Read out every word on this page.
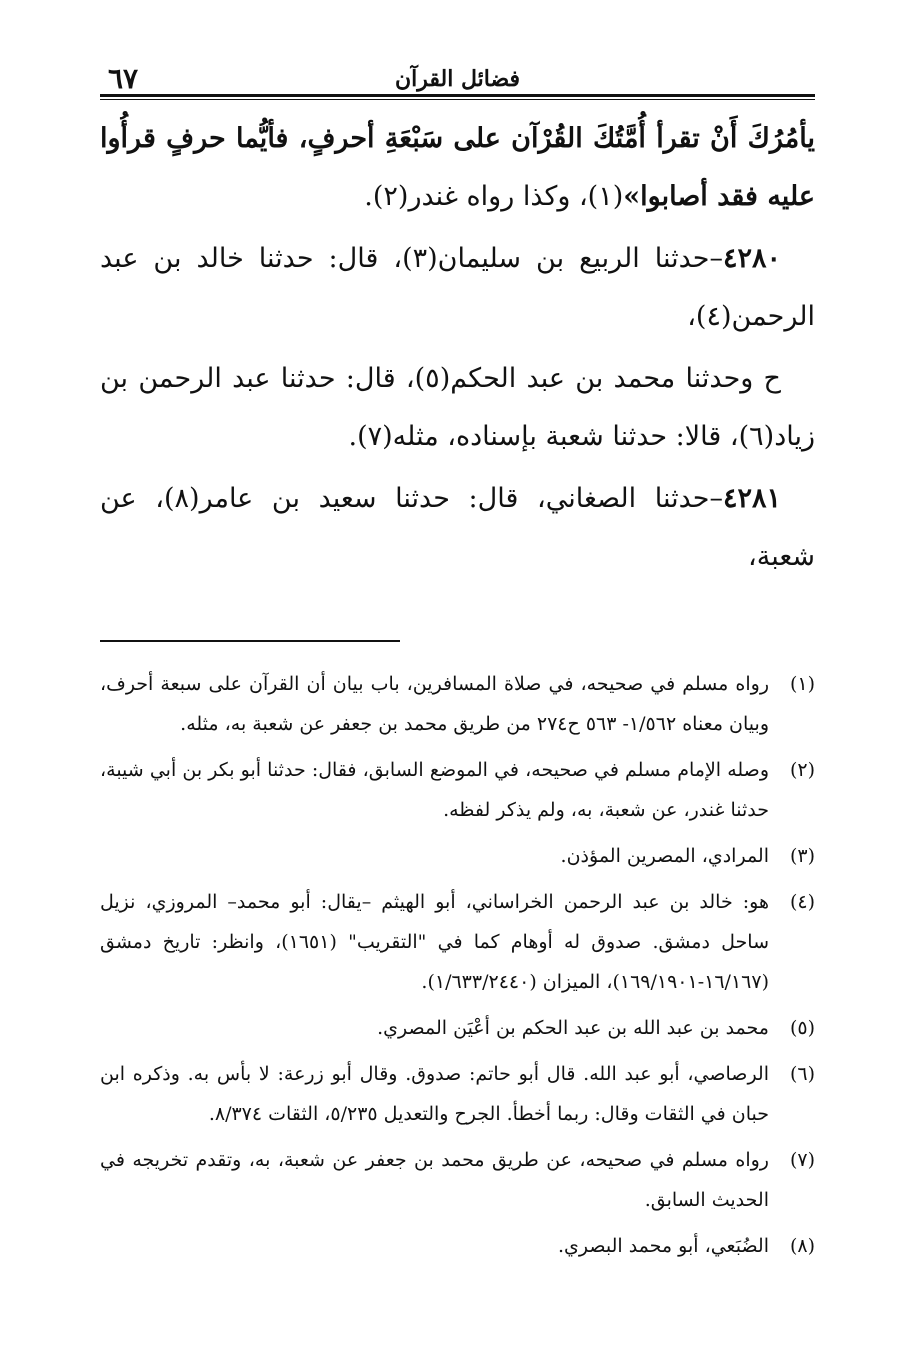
فضائل القرآن
٦٧

يأمُرُكَ أَنْ تقرأ أُمَّتُكَ القُرْآن على سَبْعَةِ أحرفٍ، فأيُّما حرفٍ قرأُوا عليه فقد أصابوا»(١)، وكذا رواه غندر(٢).

٤٢٨٠–حدثنا الربيع بن سليمان(٣)، قال: حدثنا خالد بن عبد الرحمن(٤)،

ح وحدثنا محمد بن عبد الحكم(٥)، قال: حدثنا عبد الرحمن بن زياد(٦)، قالا: حدثنا شعبة بإسناده، مثله(٧).

٤٢٨١–حدثنا الصغاني، قال: حدثنا سعيد بن عامر(٨)، عن شعبة،

(١)
رواه مسلم في صحيحه، في صلاة المسافرين، باب بيان أن القرآن على سبعة أحرف، وبيان معناه ١/٥٦٢- ٥٦٣ ح٢٧٤ من طريق محمد بن جعفر عن شعبة به، مثله.
(٢)
وصله الإمام مسلم في صحيحه، في الموضع السابق، فقال: حدثنا أبو بكر بن أبي شيبة، حدثنا غندر، عن شعبة، به، ولم يذكر لفظه.
(٣)
المرادي، المصرين المؤذن.
(٤)
هو: خالد بن عبد الرحمن الخراساني، أبو الهيثم –يقال: أبو محمد– المروزي، نزيل ساحل دمشق. صدوق له أوهام كما في "التقريب" (١٦٥١)، وانظر: تاريخ دمشق (١٦/١٦٧-١٦٩/١٩٠١)، الميزان (١/٦٣٣/٢٤٤٠).
(٥)
محمد بن عبد الله بن عبد الحكم بن أعْيَن المصري.
(٦)
الرصاصي، أبو عبد الله. قال أبو حاتم: صدوق. وقال أبو زرعة: لا بأس به. وذكره ابن حبان في الثقات وقال: ربما أخطأ. الجرح والتعديل ٥/٢٣٥، الثقات ٨/٣٧٤.
(٧)
رواه مسلم في صحيحه، عن طريق محمد بن جعفر عن شعبة، به، وتقدم تخريجه في الحديث السابق.
(٨)
الضُبَعي، أبو محمد البصري.
